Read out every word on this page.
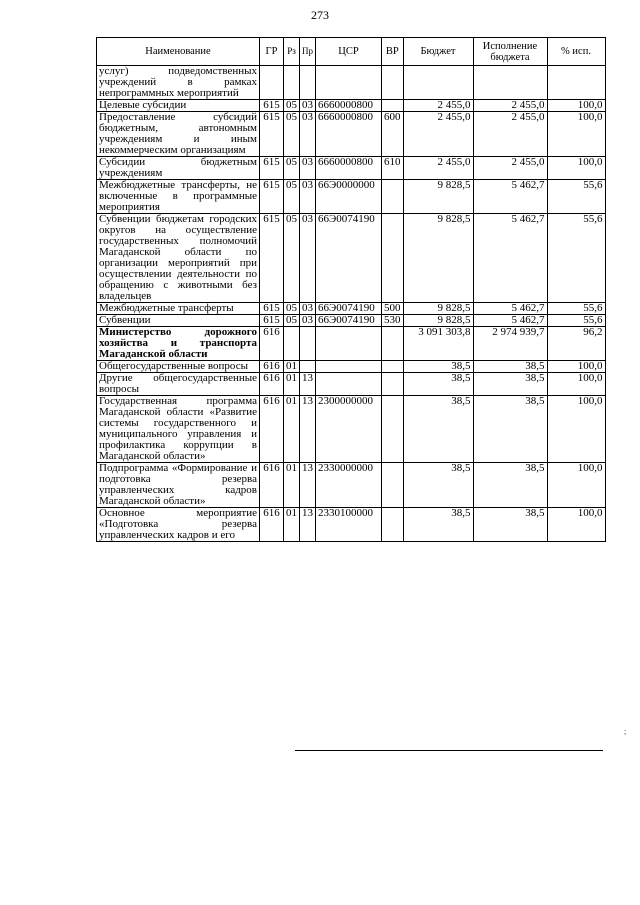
273
Наименование	ГР	Рз	Пр	ЦСР	ВР	Бюджет	Исполнение бюджета	% исп.
услуг) подведомственных учреждений в рамках непрограммных мероприятий								
Целевые субсидии	615	05	03	6660000800		2 455,0	2 455,0	100,0
Предоставление субсидий бюджетным, автономным учреждениям и иным некоммерческим организациям	615	05	03	6660000800	600	2 455,0	2 455,0	100,0
Субсидии бюджетным учреждениям	615	05	03	6660000800	610	2 455,0	2 455,0	100,0
Межбюджетные трансферты, не включенные в программные мероприятия	615	05	03	66Э0000000		9 828,5	5 462,7	55,6
Субвенции бюджетам городских округов на осуществление государственных полномочий Магаданской области по организации мероприятий при осуществлении деятельности по обращению с животными без владельцев	615	05	03	66Э0074190		9 828,5	5 462,7	55,6
Межбюджетные трансферты	615	05	03	66Э0074190	500	9 828,5	5 462,7	55,6
Субвенции	615	05	03	66Э0074190	530	9 828,5	5 462,7	55,6
Министерство дорожного хозяйства и транспорта Магаданской области	616					3 091 303,8	2 974 939,7	96,2
Общегосударственные вопросы	616	01				38,5	38,5	100,0
Другие общегосударственные вопросы	616	01	13			38,5	38,5	100,0
Государственная программа Магаданской области «Развитие системы государственного и муниципального управления и профилактика коррупции в Магаданской области»	616	01	13	2300000000		38,5	38,5	100,0
Подпрограмма «Формирование и подготовка резерва управленческих кадров Магаданской области»	616	01	13	2330000000		38,5	38,5	100,0
Основное мероприятие «Подготовка резерва управленческих кадров и его	616	01	13	2330100000		38,5	38,5	100,0
;
